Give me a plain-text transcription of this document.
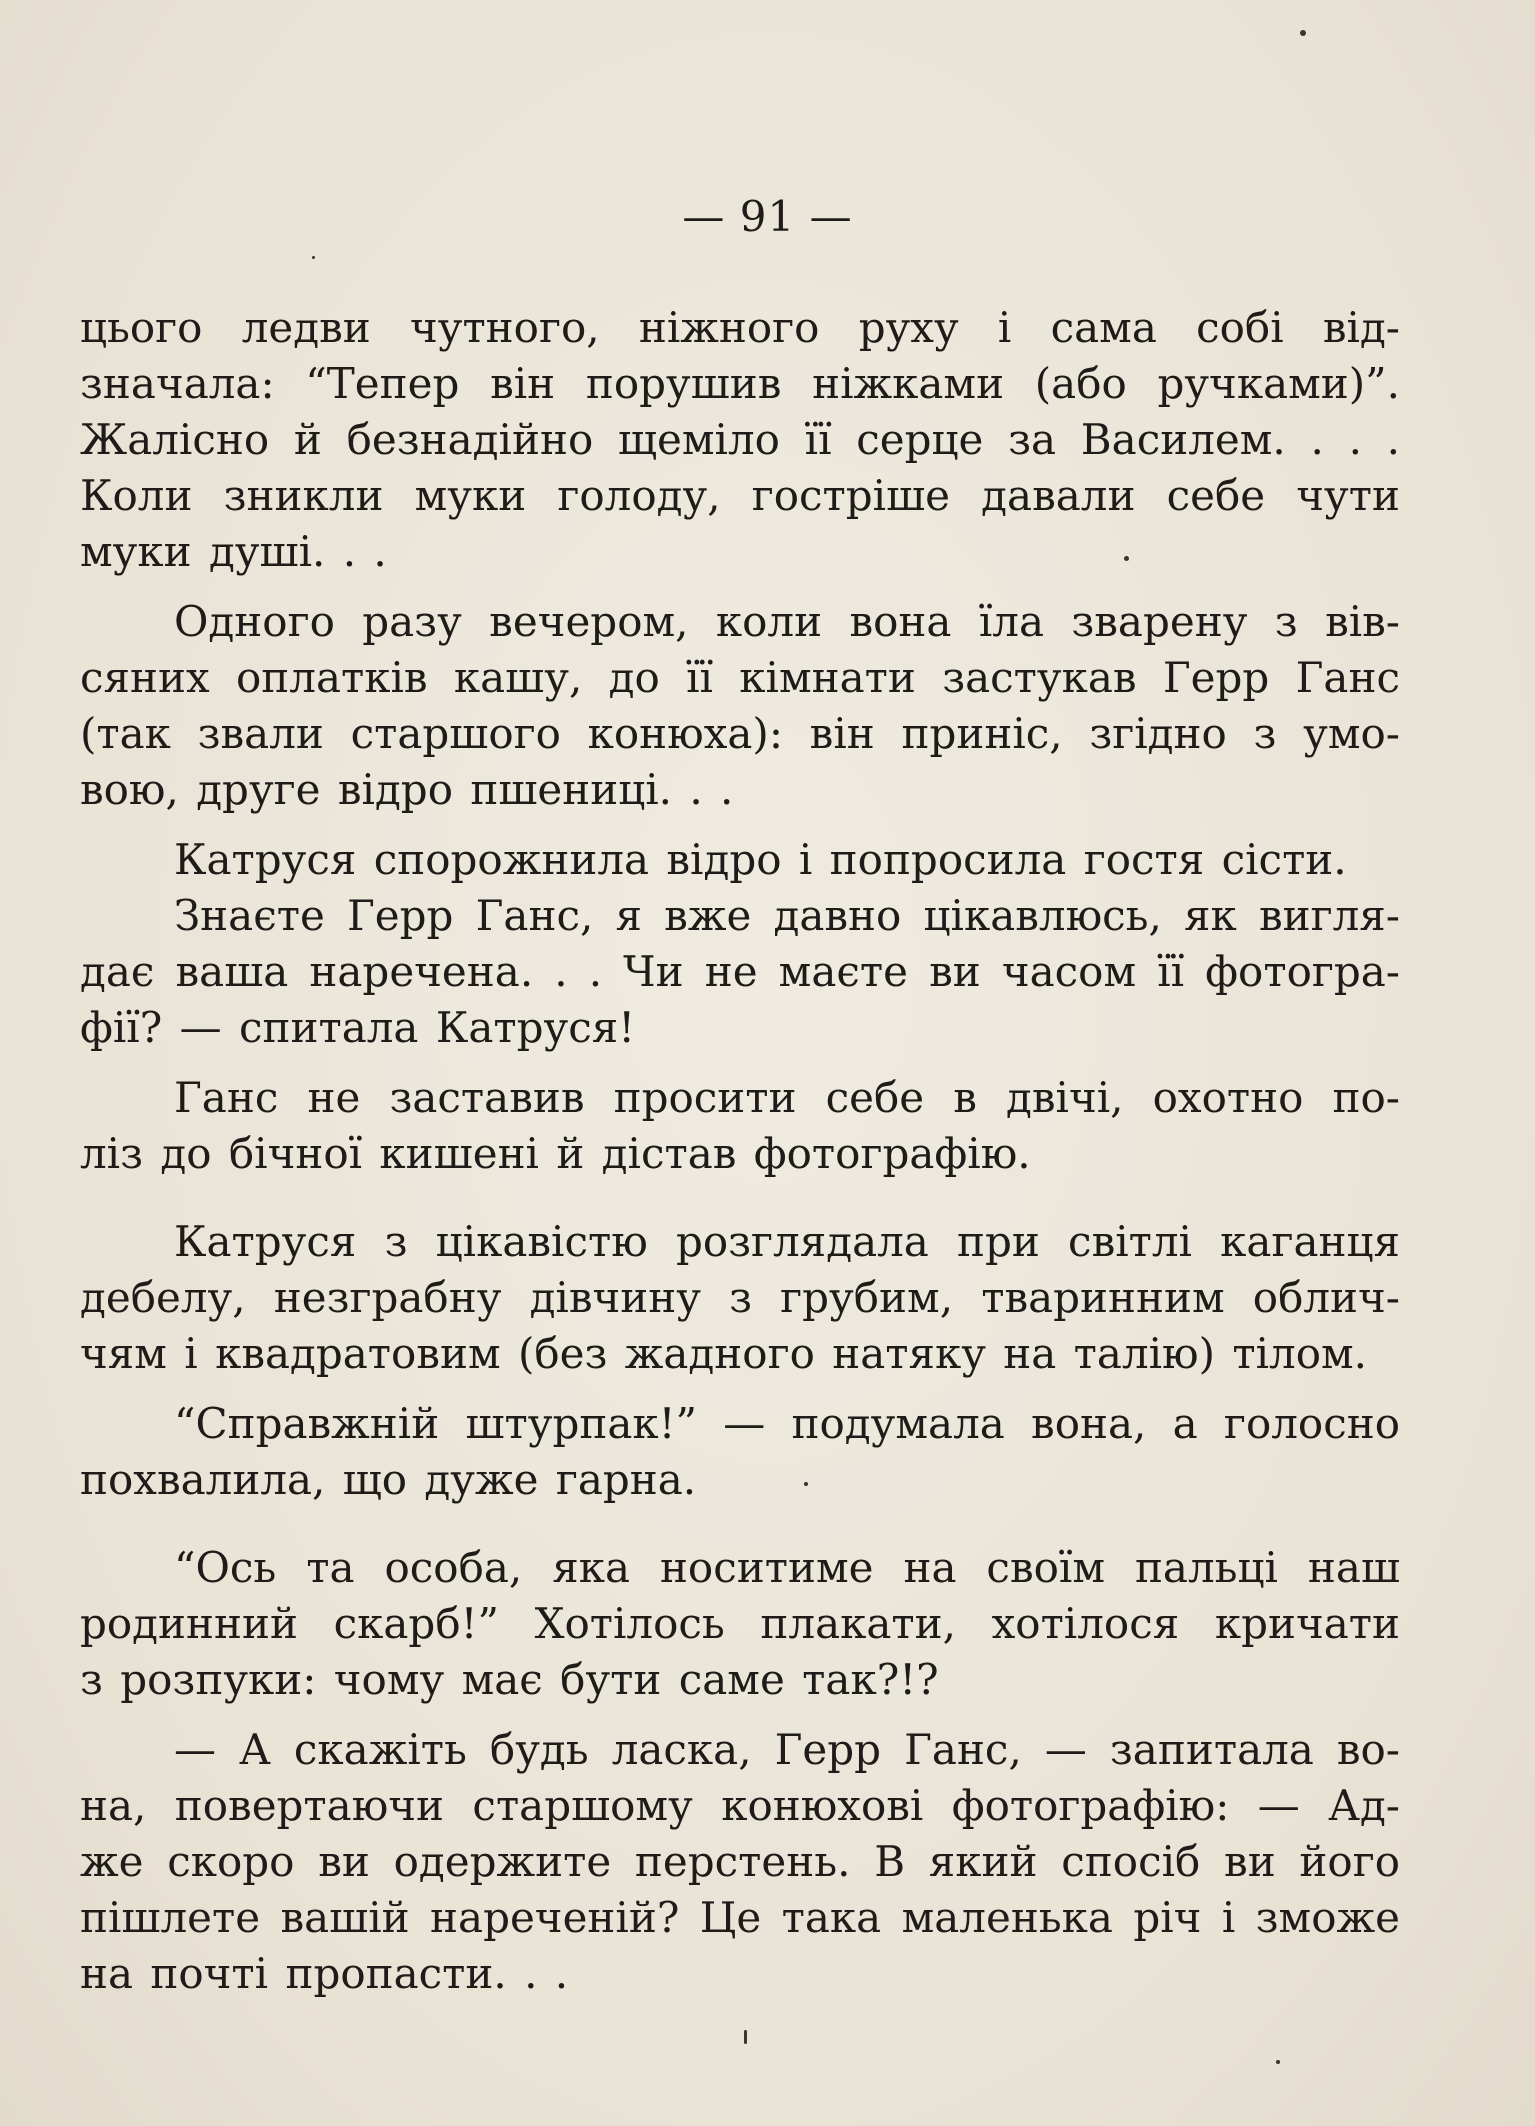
— 91 —
цього ледви чутного, ніжного руху і сама собі від-
значала: “Тепер він порушив ніжками (або ручками)”.
Жалісно й безнадійно щеміло її серце за Василем. . . .
Коли зникли муки голоду, гостріше давали себе чути
муки душі. . .
Одного разу вечером, коли вона їла зварену з вів-
сяних оплатків кашу, до її кімнати застукав Герр Ганс
(так звали старшого конюха): він приніс, згідно з умо-
вою, друге відро пшениці. . .
Катруся спорожнила відро і попросила гостя сісти.
Знаєте Герр Ганс, я вже давно цікавлюсь, як вигля-
дає ваша наречена. . . Чи не маєте ви часом її фотогра-
фії? — спитала Катруся!
Ганс не заставив просити себе в двічі, охотно по-
ліз до бічної кишені й дістав фотографію.
Катруся з цікавістю розглядала при світлі каганця
дебелу, незграбну дівчину з грубим, тваринним облич-
чям і квадратовим (без жадного натяку на талію) тілом.
“Справжній штурпак!” — подумала вона, а голосно
похвалила, що дуже гарна.
“Ось та особа, яка носитиме на своїм пальці наш
родинний скарб!” Хотілось плакати, хотілося кричати
з розпуки: чому має бути саме так?!?
— А скажіть будь ласка, Герр Ганс, — запитала во-
на, повертаючи старшому конюхові фотографію: — Ад-
же скоро ви одержите перстень. В який спосіб ви його
пішлете вашій нареченій? Це така маленька річ і зможе
на почті пропасти. . .
